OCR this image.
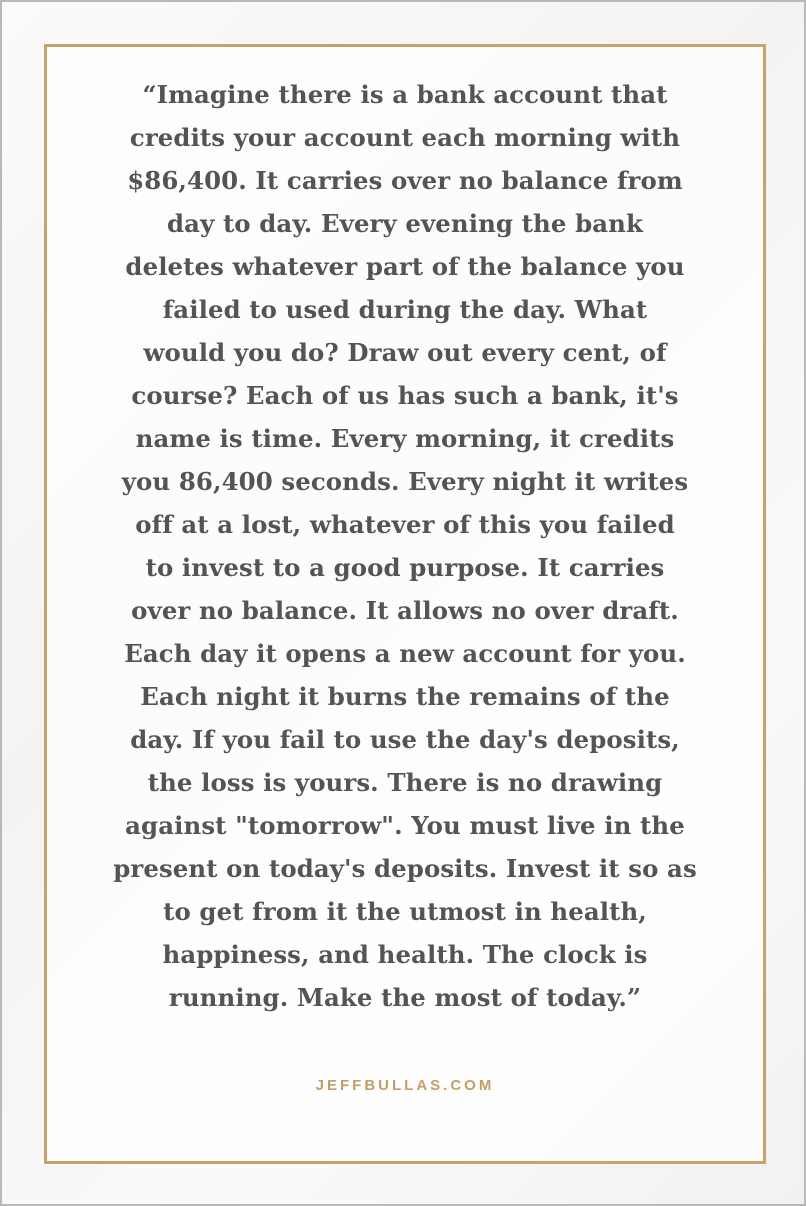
“Imagine there is a bank account that
credits your account each morning with
$86,400. It carries over no balance from
day to day. Every evening the bank
deletes whatever part of the balance you
failed to used during the day. What
would you do? Draw out every cent, of
course? Each of us has such a bank, it's
name is time. Every morning, it credits
you 86,400 seconds. Every night it writes
off at a lost, whatever of this you failed
to invest to a good purpose. It carries
over no balance. It allows no over draft.
Each day it opens a new account for you.
Each night it burns the remains of the
day. If you fail to use the day's deposits,
the loss is yours. There is no drawing
against "tomorrow". You must live in the
present on today's deposits. Invest it so as
to get from it the utmost in health,
happiness, and health. The clock is
running. Make the most of today.”

JEFFBULLAS.COM
